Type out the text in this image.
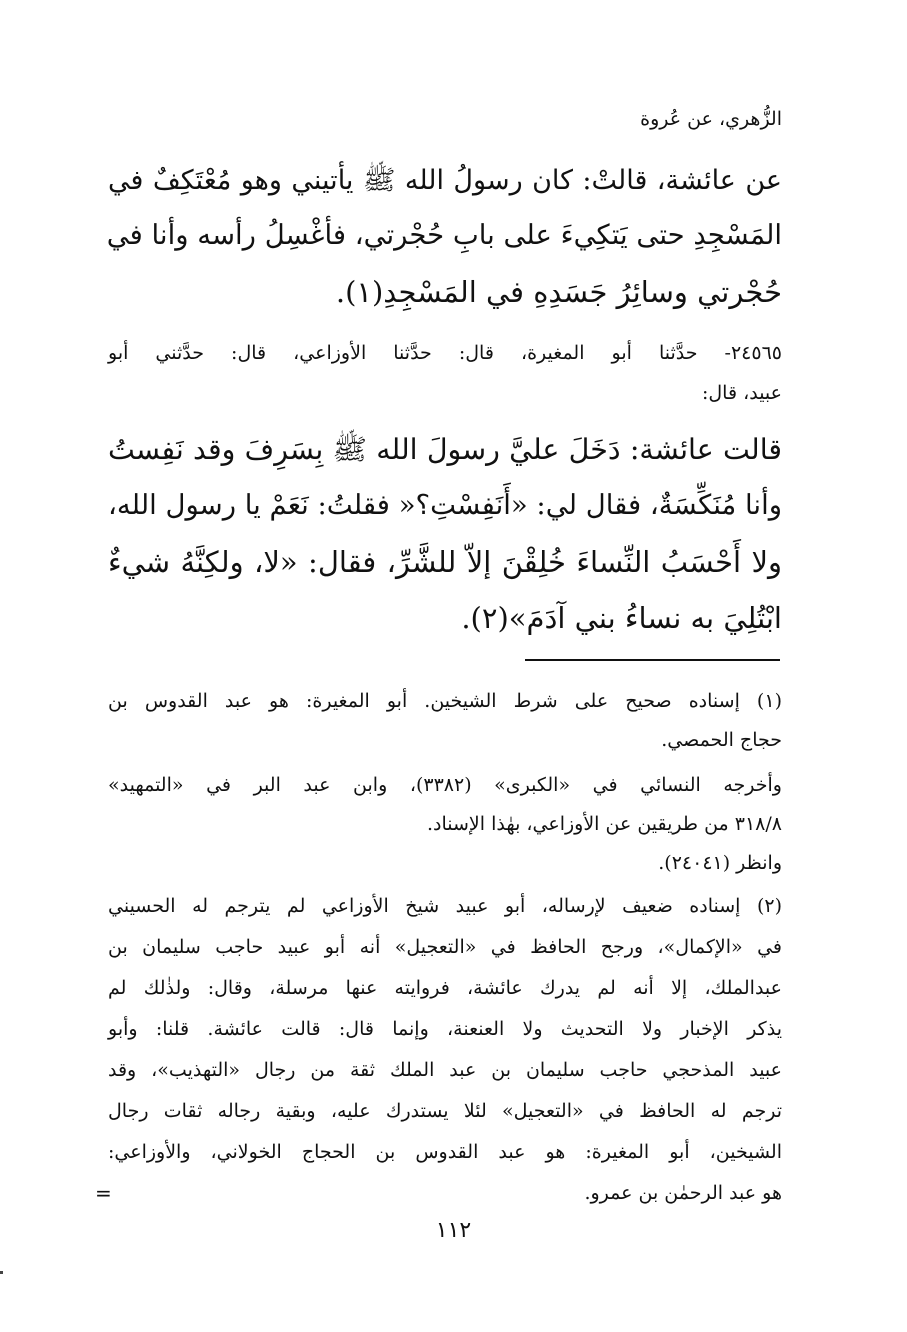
الزُّهري، عن عُروة
عن عائشة، قالتْ: كان رسولُ الله ﷺ يأتيني وهو مُعْتَكِفٌ في
المَسْجِدِ حتى يَتكِيءَ على بابِ حُجْرتي، فأغْسِلُ رأسه وأنا في
حُجْرتي وسائِرُ جَسَدِهِ في المَسْجِدِ(١).
٢٤٥٦٥- حدَّثنا أبو المغيرة، قال: حدَّثنا الأوزاعي، قال: حدَّثني أبو
عبيد، قال:
قالت عائشة: دَخَلَ عليَّ رسولَ الله ﷺ بِسَرِفَ وقد نَفِستُ
وأنا مُنَكِّسَةٌ، فقال لي: «أَنَفِسْتِ؟« فقلتُ: نَعَمْ يا رسول الله،
ولا أَحْسَبُ النِّساءَ خُلِقْنَ إلاّ للشَّرِّ، فقال: «لا، ولكِنَّهُ شيءٌ
ابْتُلِيَ به نساءُ بني آدَمَ»(٢).
(١) إسناده صحيح على شرط الشيخين. أبو المغيرة: هو عبد القدوس بن
حجاج الحمصي.
وأخرجه النسائي في «الكبرى» (٣٣٨٢)، وابن عبد البر في «التمهيد»
٣١٨/٨ من طريقين عن الأوزاعي، بهٰذا الإسناد.
وانظر (٢٤٠٤١).
(٢) إسناده ضعيف لإرساله، أبو عبيد شيخ الأوزاعي لم يترجم له الحسيني
في «الإكمال»، ورجح الحافظ في «التعجيل» أنه أبو عبيد حاجب سليمان بن
عبدالملك، إلا أنه لم يدرك عائشة، فروايته عنها مرسلة، وقال: ولذٰلك لم
يذكر الإخبار ولا التحديث ولا العنعنة، وإنما قال: قالت عائشة. قلنا: وأبو
عبيد المذحجي حاجب سليمان بن عبد الملك ثقة من رجال «التهذيب»، وقد
ترجم له الحافظ في «التعجيل» لئلا يستدرك عليه، وبقية رجاله ثقات رجال
الشيخين، أبو المغيرة: هو عبد القدوس بن الحجاج الخولاني، والأوزاعي:
هو عبد الرحمٰن بن عمرو.
=
١١٢
